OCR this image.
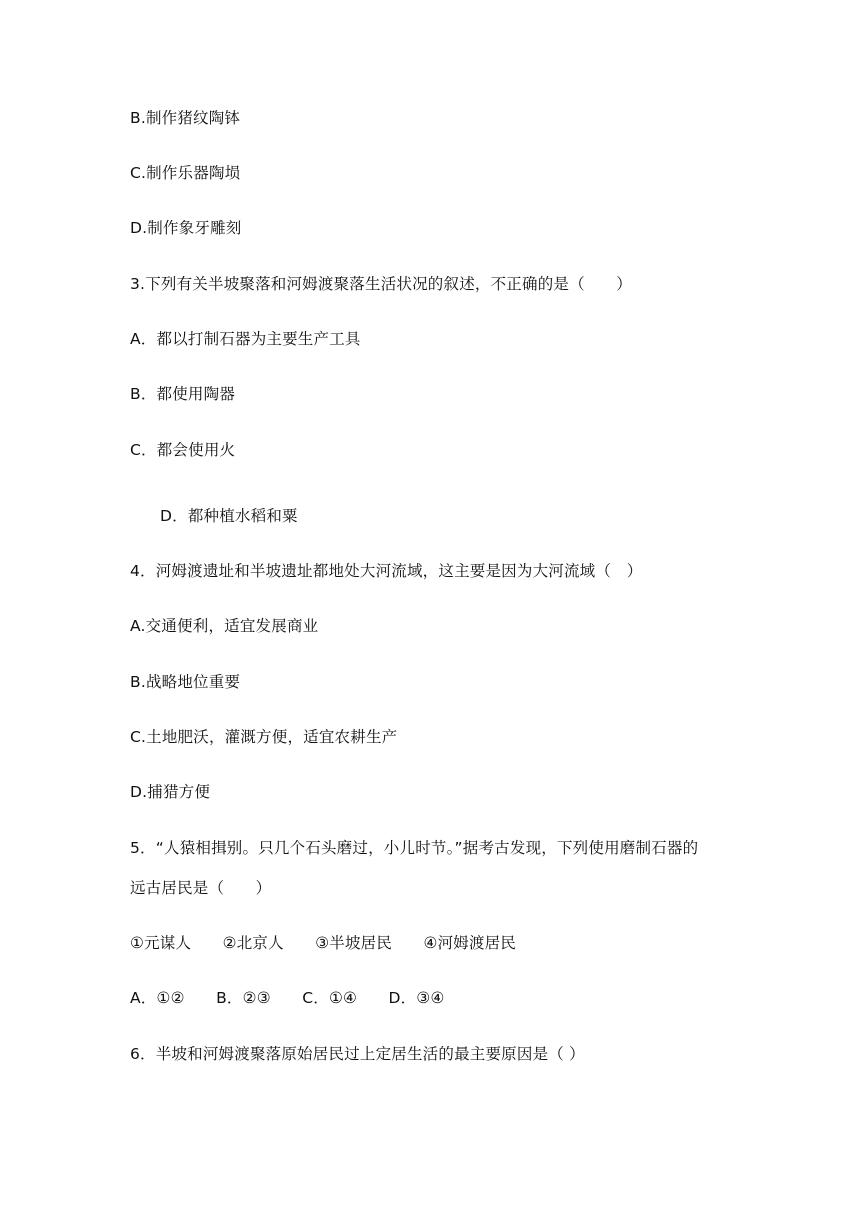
B.制作猪纹陶钵
C.制作乐器陶埙
D.制作象牙雕刻
3.下列有关半坡聚落和河姆渡聚落生活状况的叙述，不正确的是（　　）
A．都以打制石器为主要生产工具
B．都使用陶器
C．都会使用火
D．都种植水稻和粟
4．河姆渡遗址和半坡遗址都地处大河流域，这主要是因为大河流域（　）
A.交通便利，适宜发展商业
B.战略地位重要
C.土地肥沃，灌溉方便，适宜农耕生产
D.捕猎方便
5．“人猿相揖别。只几个石头磨过，小儿时节。”据考古发现，下列使用磨制石器的
远古居民是（　　）
①元谋人　　②北京人　　③半坡居民　　④河姆渡居民
A．①②　　B．②③　　C．①④　　D．③④
6．半坡和河姆渡聚落原始居民过上定居生活的最主要原因是（ ）
